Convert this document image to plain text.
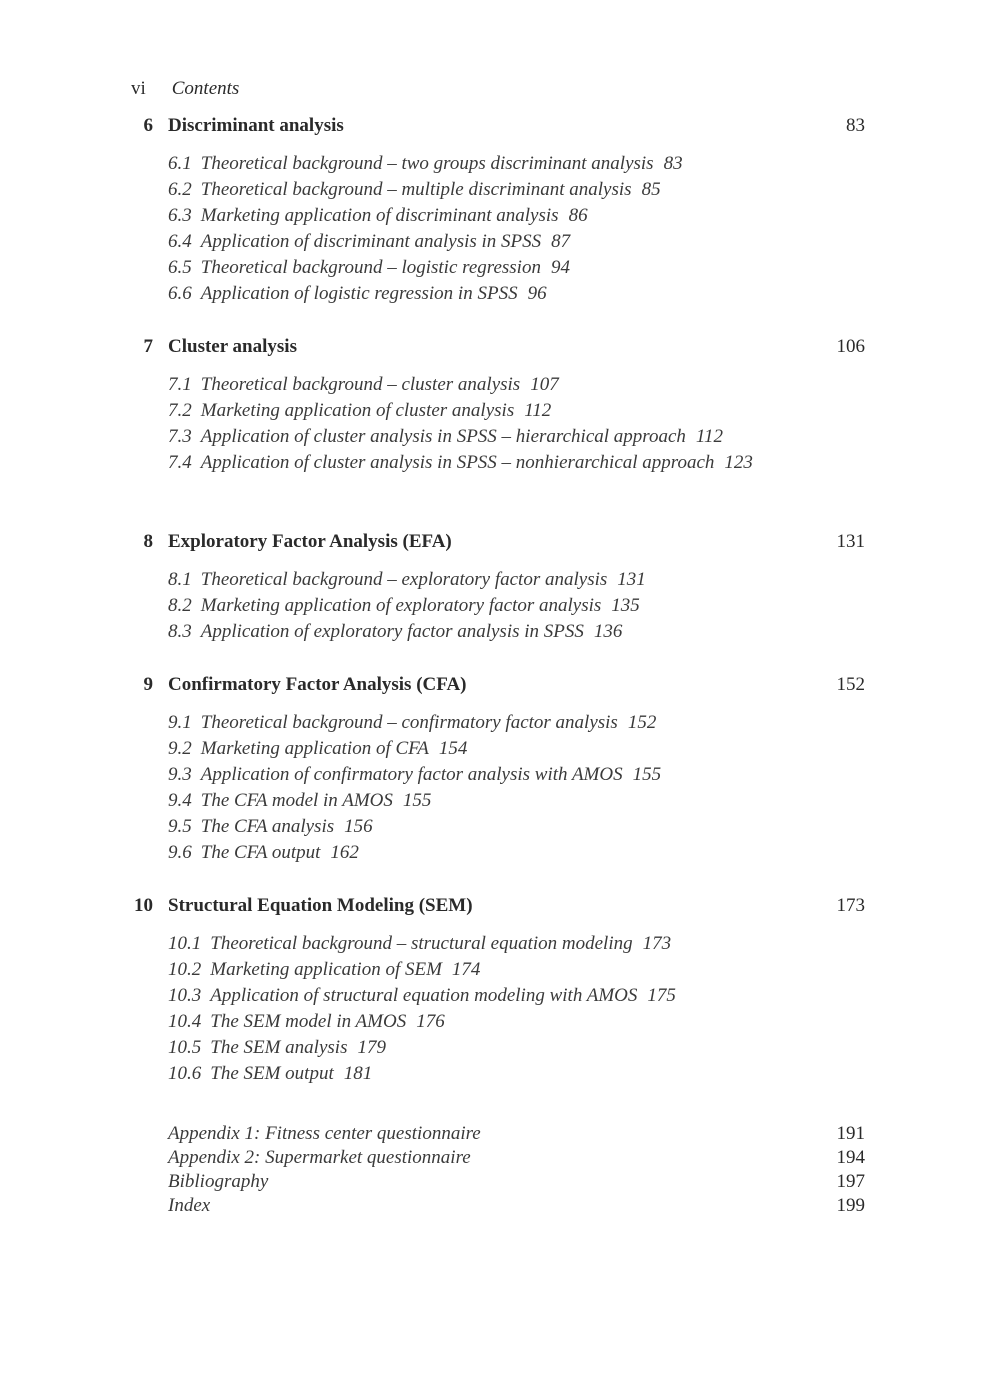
vi Contents
6 Discriminant analysis	83
6.1 Theoretical background – two groups discriminant analysis 83
6.2 Theoretical background – multiple discriminant analysis 85
6.3 Marketing application of discriminant analysis 86
6.4 Application of discriminant analysis in SPSS 87
6.5 Theoretical background – logistic regression 94
6.6 Application of logistic regression in SPSS 96
7 Cluster analysis	106
7.1 Theoretical background – cluster analysis 107
7.2 Marketing application of cluster analysis 112
7.3 Application of cluster analysis in SPSS – hierarchical approach 112
7.4 Application of cluster analysis in SPSS – nonhierarchical approach 123
8 Exploratory Factor Analysis (EFA)	131
8.1 Theoretical background – exploratory factor analysis 131
8.2 Marketing application of exploratory factor analysis 135
8.3 Application of exploratory factor analysis in SPSS 136
9 Confirmatory Factor Analysis (CFA)	152
9.1 Theoretical background – confirmatory factor analysis 152
9.2 Marketing application of CFA 154
9.3 Application of confirmatory factor analysis with AMOS 155
9.4 The CFA model in AMOS 155
9.5 The CFA analysis 156
9.6 The CFA output 162
10 Structural Equation Modeling (SEM)	173
10.1 Theoretical background – structural equation modeling 173
10.2 Marketing application of SEM 174
10.3 Application of structural equation modeling with AMOS 175
10.4 The SEM model in AMOS 176
10.5 The SEM analysis 179
10.6 The SEM output 181
Appendix 1: Fitness center questionnaire	191
Appendix 2: Supermarket questionnaire	194
Bibliography	197
Index	199
